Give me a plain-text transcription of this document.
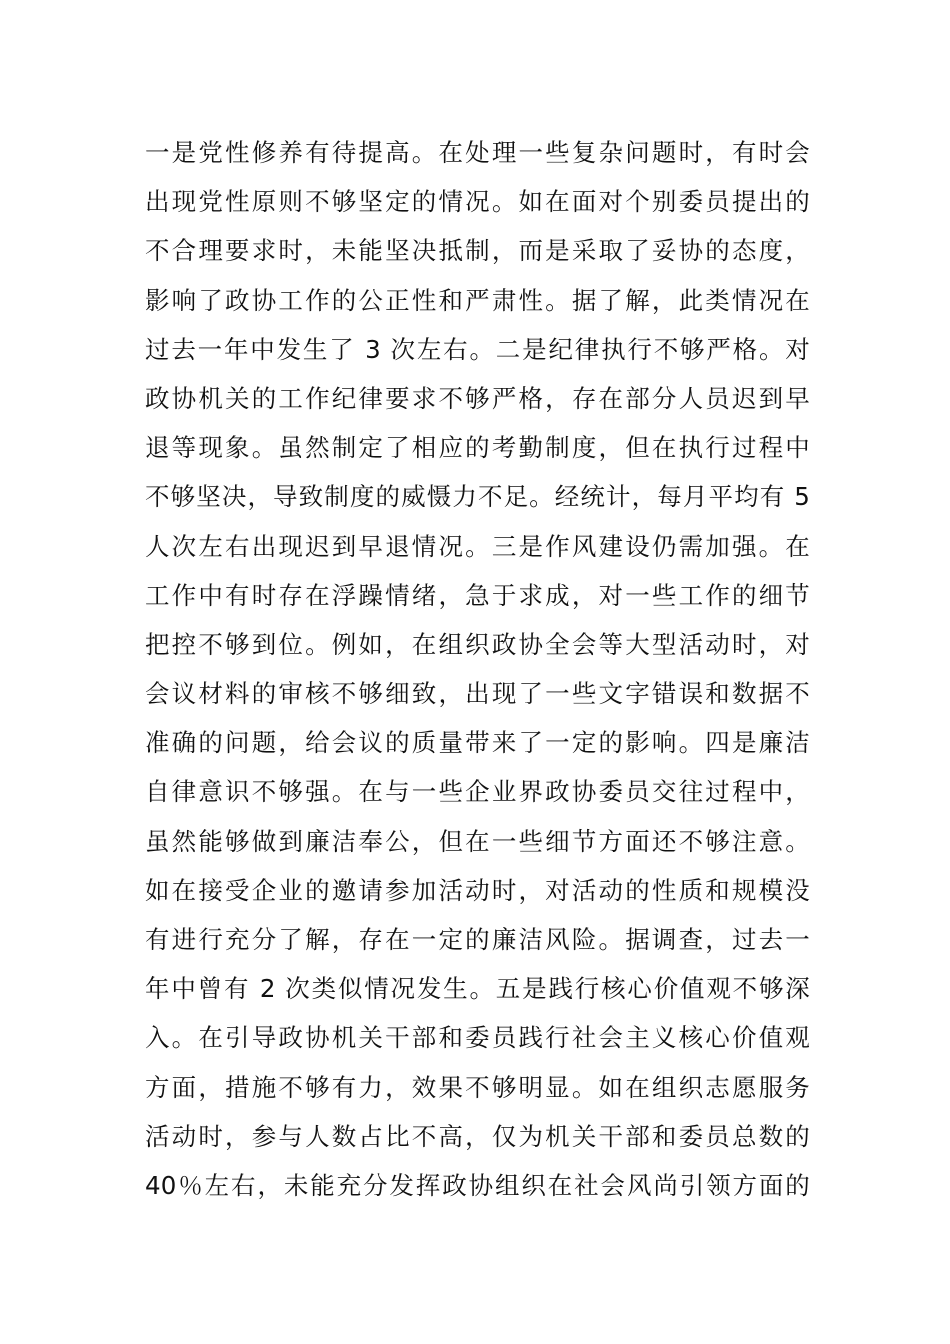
一是党性修养有待提高。在处理一些复杂问题时，有时会
出现党性原则不够坚定的情况。如在面对个别委员提出的
不合理要求时，未能坚决抵制，而是采取了妥协的态度，
影响了政协工作的公正性和严肃性。据了解，此类情况在
过去一年中发生了 3 次左右。二是纪律执行不够严格。对
政协机关的工作纪律要求不够严格，存在部分人员迟到早
退等现象。虽然制定了相应的考勤制度，但在执行过程中
不够坚决，导致制度的威慑力不足。经统计，每月平均有 5
人次左右出现迟到早退情况。三是作风建设仍需加强。在
工作中有时存在浮躁情绪，急于求成，对一些工作的细节
把控不够到位。例如，在组织政协全会等大型活动时，对
会议材料的审核不够细致，出现了一些文字错误和数据不
准确的问题，给会议的质量带来了一定的影响。四是廉洁
自律意识不够强。在与一些企业界政协委员交往过程中，
虽然能够做到廉洁奉公，但在一些细节方面还不够注意。
如在接受企业的邀请参加活动时，对活动的性质和规模没
有进行充分了解，存在一定的廉洁风险。据调查，过去一
年中曾有 2 次类似情况发生。五是践行核心价值观不够深
入。在引导政协机关干部和委员践行社会主义核心价值观
方面，措施不够有力，效果不够明显。如在组织志愿服务
活动时，参与人数占比不高，仅为机关干部和委员总数的
40％左右，未能充分发挥政协组织在社会风尚引领方面的
